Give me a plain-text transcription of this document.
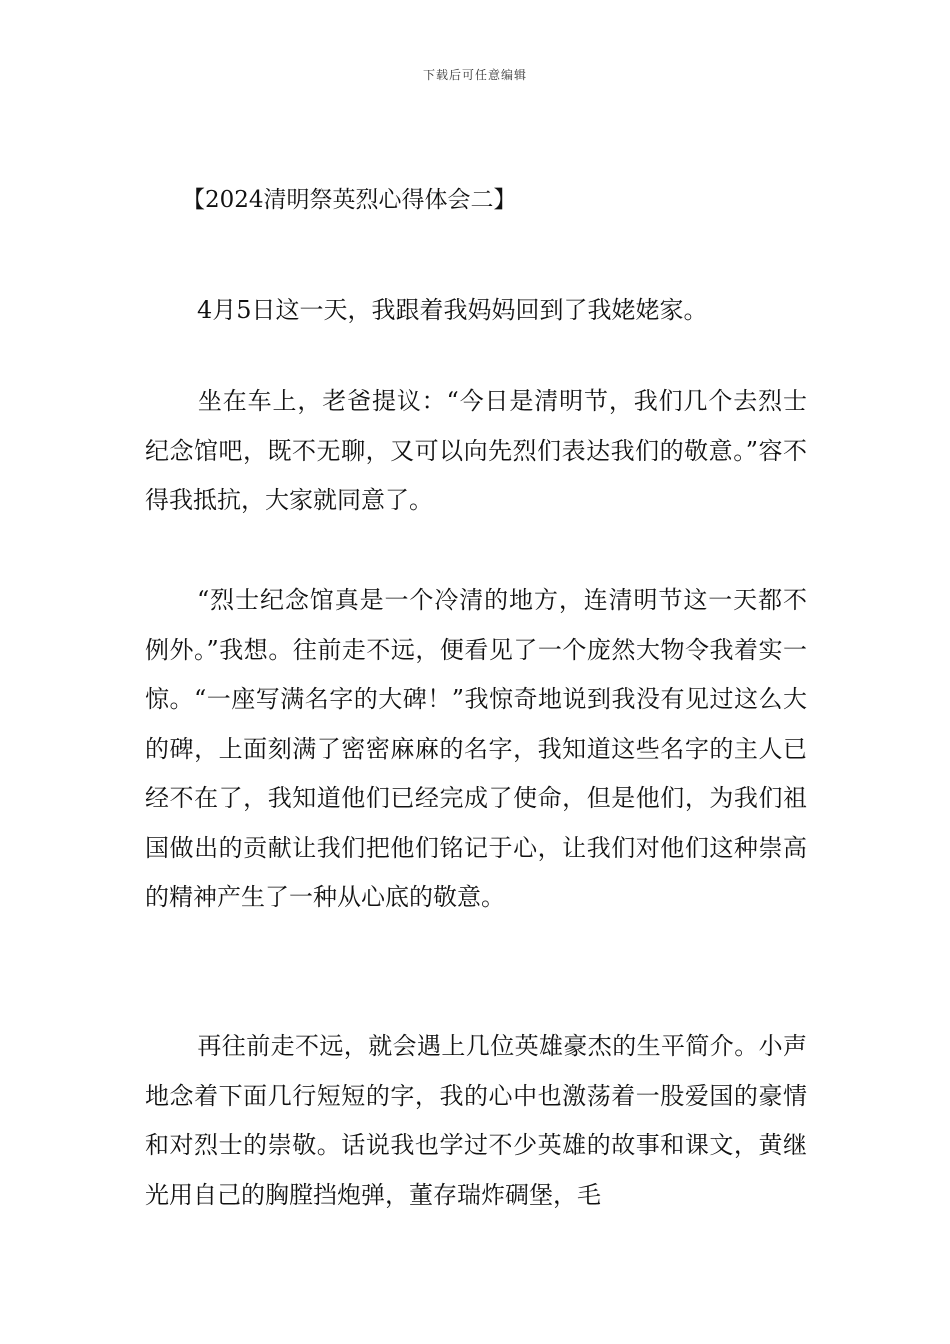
下载后可任意编辑
【2024清明祭英烈心得体会二】

4月5日这一天，我跟着我妈妈回到了我姥姥家。

坐在车上，老爸提议：“今日是清明节，我们几个去烈士纪念馆吧，既不无聊，又可以向先烈们表达我们的敬意。”容不得我抵抗，大家就同意了。

“烈士纪念馆真是一个冷清的地方，连清明节这一天都不例外。”我想。往前走不远，便看见了一个庞然大物令我着实一惊。“一座写满名字的大碑！”我惊奇地说到我没有见过这么大的碑，上面刻满了密密麻麻的名字，我知道这些名字的主人已经不在了，我知道他们已经完成了使命，但是他们，为我们祖国做出的贡献让我们把他们铭记于心，让我们对他们这种崇高的精神产生了一种从心底的敬意。

再往前走不远，就会遇上几位英雄豪杰的生平简介。小声地念着下面几行短短的字，我的心中也激荡着一股爱国的豪情和对烈士的崇敬。话说我也学过不少英雄的故事和课文，黄继光用自己的胸膛挡炮弹，董存瑞炸碉堡，毛
